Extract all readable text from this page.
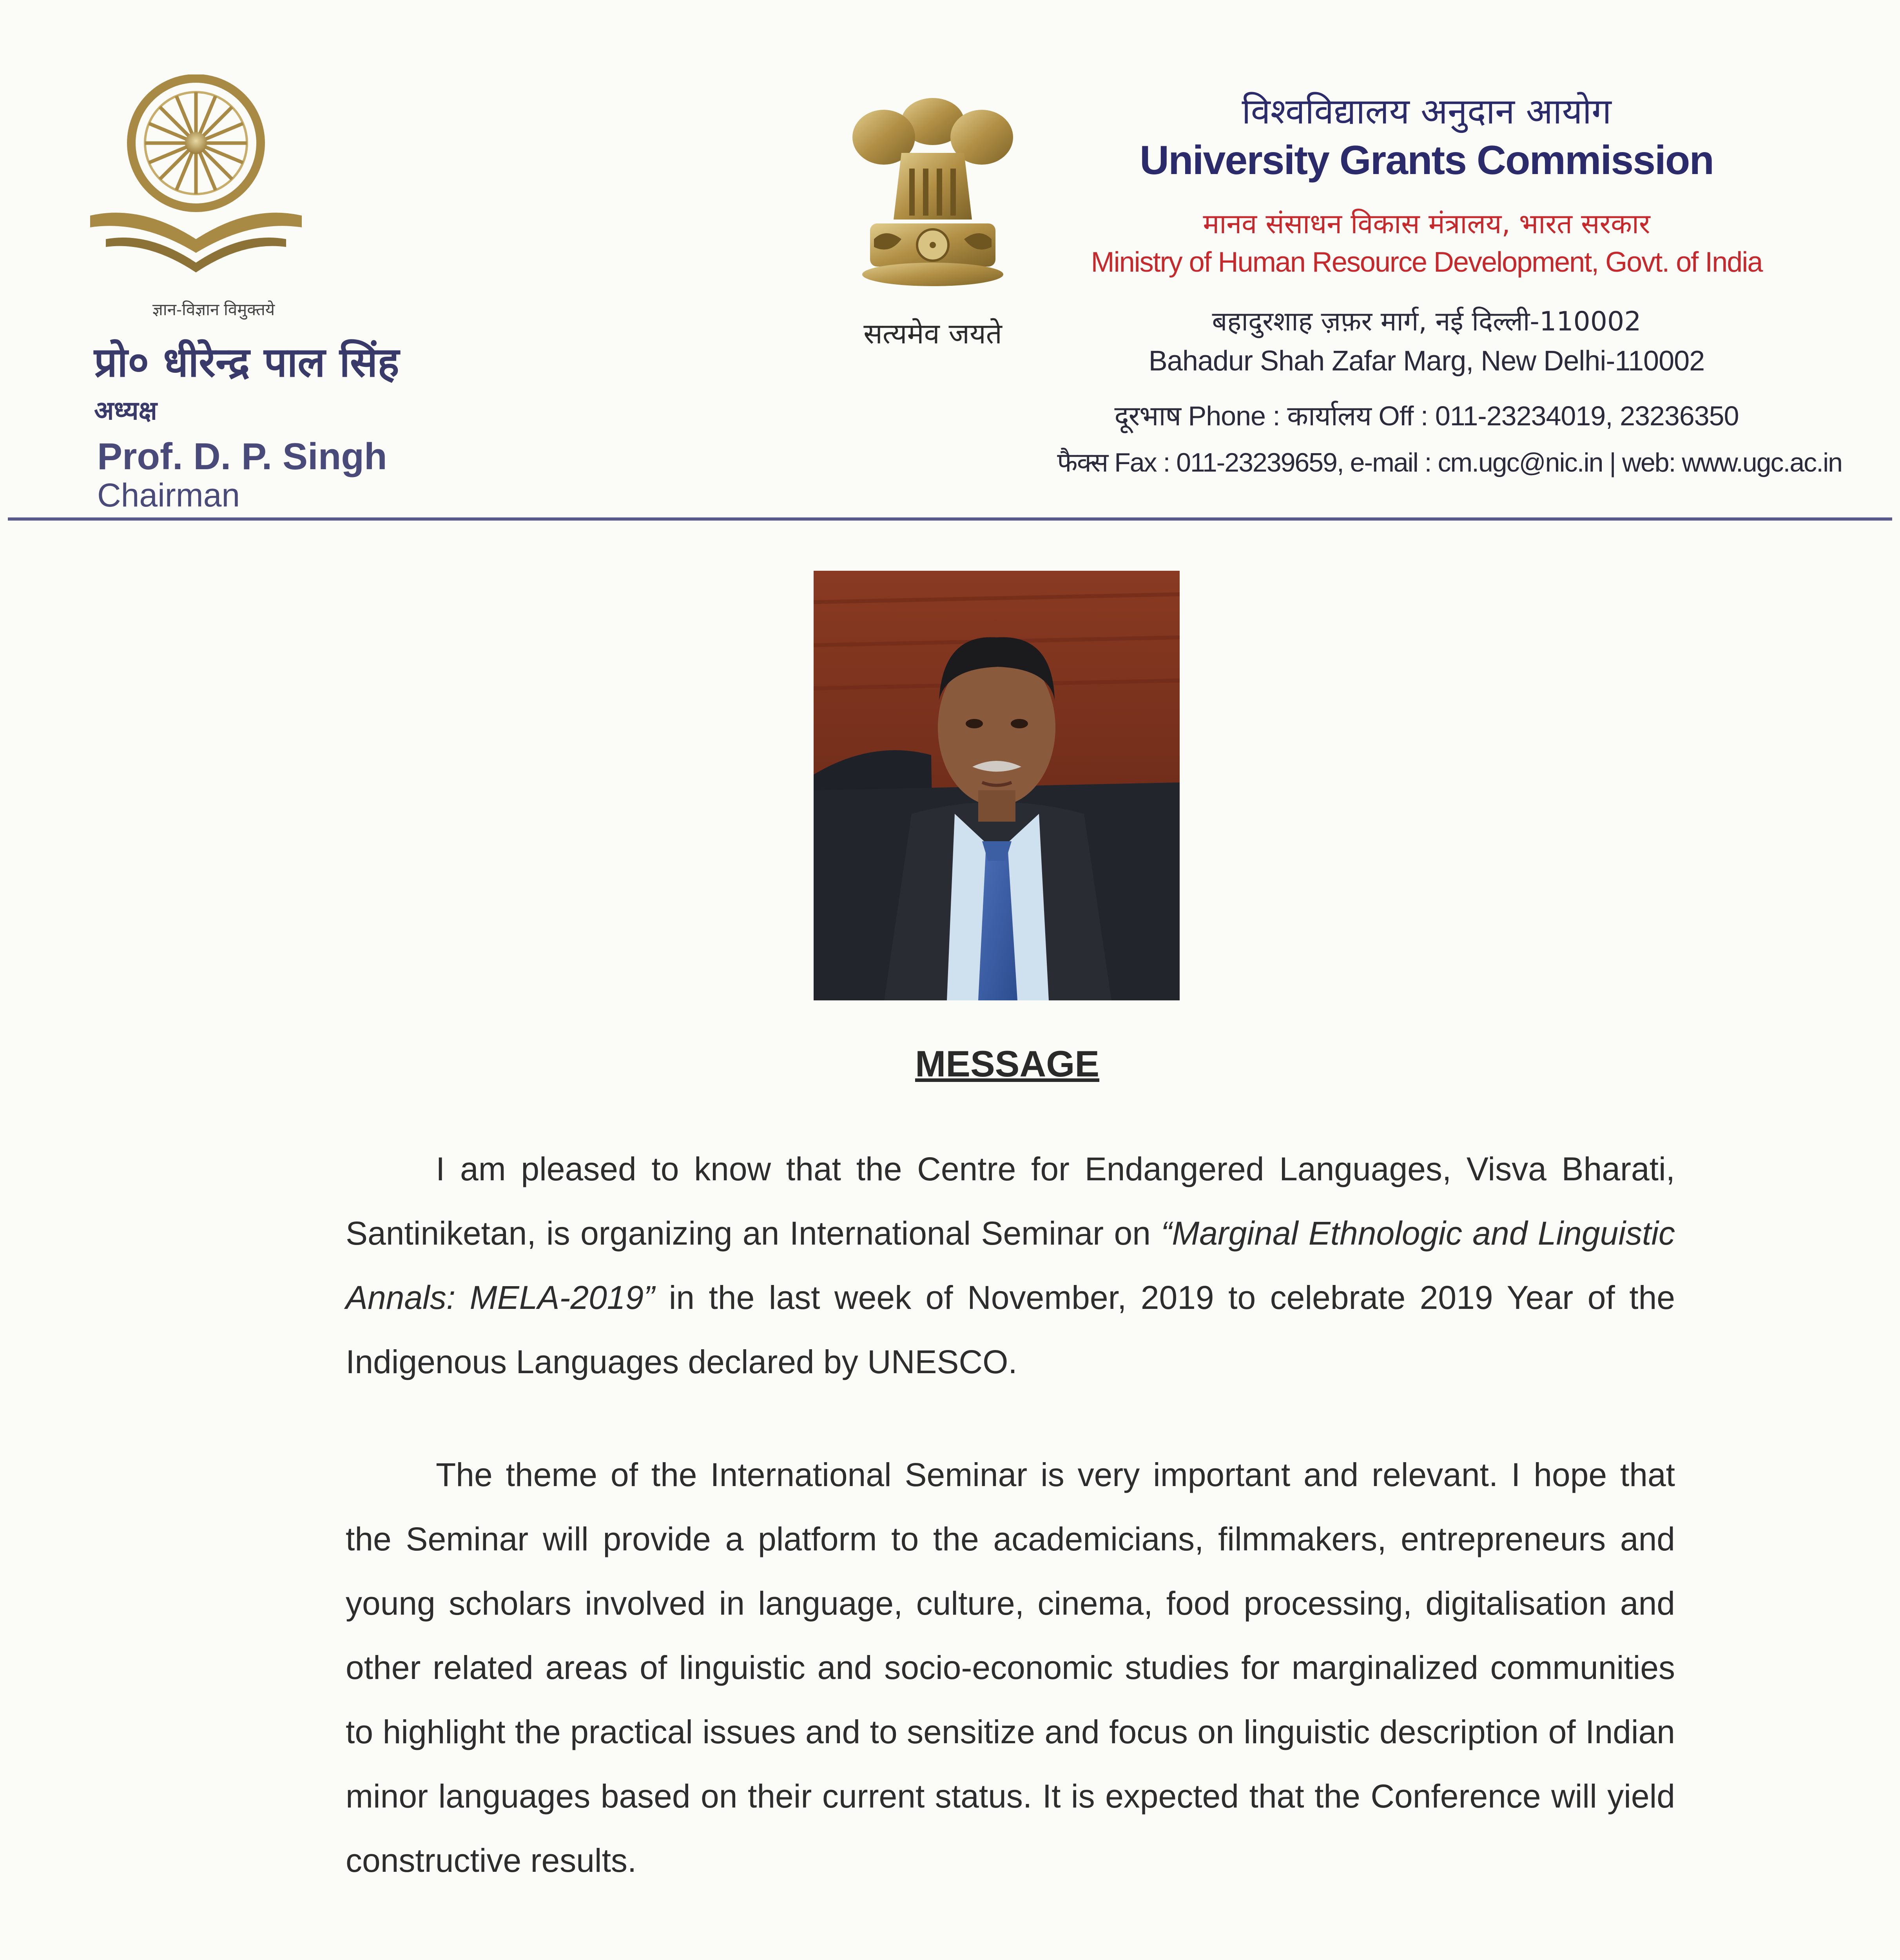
ज्ञान-विज्ञान विमुक्तये
प्रो० धीरेन्द्र पाल सिंह
अध्यक्ष
Prof. D. P. Singh
Chairman
सत्यमेव जयते
विश्वविद्यालय अनुदान आयोग
University Grants Commission
मानव संसाधन विकास मंत्रालय, भारत सरकार
Ministry of Human Resource Development, Govt. of India
बहादुरशाह ज़फ़र मार्ग, नई दिल्ली-110002
Bahadur Shah Zafar Marg, New Delhi-110002
दूरभाष Phone : कार्यालय Off : 011-23234019, 23236350
फैक्स Fax : 011-23239659, e-mail : cm.ugc@nic.in | web: www.ugc.ac.in
MESSAGE

I am pleased to know that the Centre for Endangered Languages, Visva Bharati, Santiniketan, is organizing an International Seminar on “Marginal Ethnologic and Linguistic Annals: MELA-2019” in the last week of November, 2019 to celebrate 2019 Year of the Indigenous Languages declared by UNESCO.

The theme of the International Seminar is very important and relevant. I hope that the Seminar will provide a platform to the academicians, filmmakers, entrepreneurs and young scholars involved in language, culture, cinema, food processing, digitalisation and other related areas of linguistic and socio-economic studies for marginalized communities to highlight the practical issues and to sensitize and focus on linguistic description of Indian minor languages based on their current status. It is expected that the Conference will yield constructive results.
